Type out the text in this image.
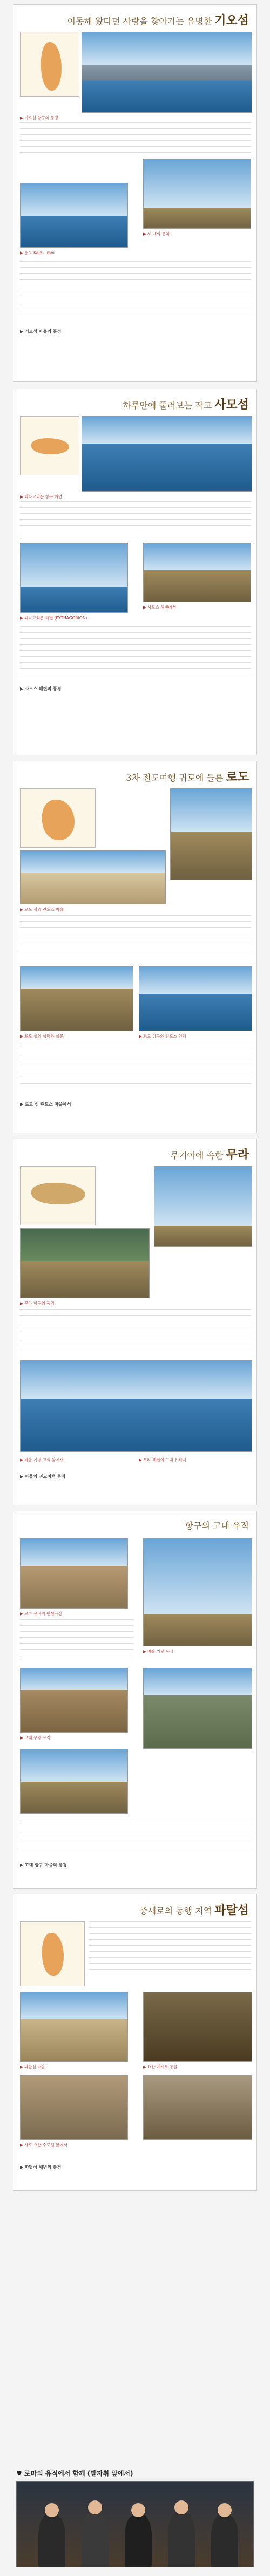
이동해 왔다던 사랑을 찾아가는 유명한 기오섬
▶ 기오섬 항구와 풍경
▶ 풍차 Kalo Limni
▶ 세 개의 풍차
▶ 기오섬 마을의 풍경
하루만에 둘러보는 작고 사모섬
▶ 피타고리온 항구 해변
▶ 피타고리온 해변 (PYTHAGORION)
▶ 사모스 해변에서
▶ 사모스 해변의 풍경
3차 전도여행 귀로에 들른 로도
▶ 로도 섬의 린도스 마을
▶ 로도 성의 성벽과 성문	▶ 로도 항구와 린도스 언덕
▶ 로도 섬 린도스 마을에서
루기아에 속한 무라
▶ 무라 항구의 풍경
▶ 바울 기념 교회 앞에서	▶ 무라 해변의 고대 유적지
▶ 바울의 선교여행 흔적
항구의 고대 유적
▶ 로마 유적지 원형극장
▶ 고대 무덤 유적
▶ 바울 기념 동상
▶ 고대 항구 마을의 풍경
중세로의 동행 지역 파탈섬
▶ 파탈섬 마을	▶ 요한 계시록 동굴
▶ 사도 요한 수도원 앞에서
▶ 파탈섬 해변의 풍경
♥ 로마의 유적에서 함께 (발자취 앞에서)
